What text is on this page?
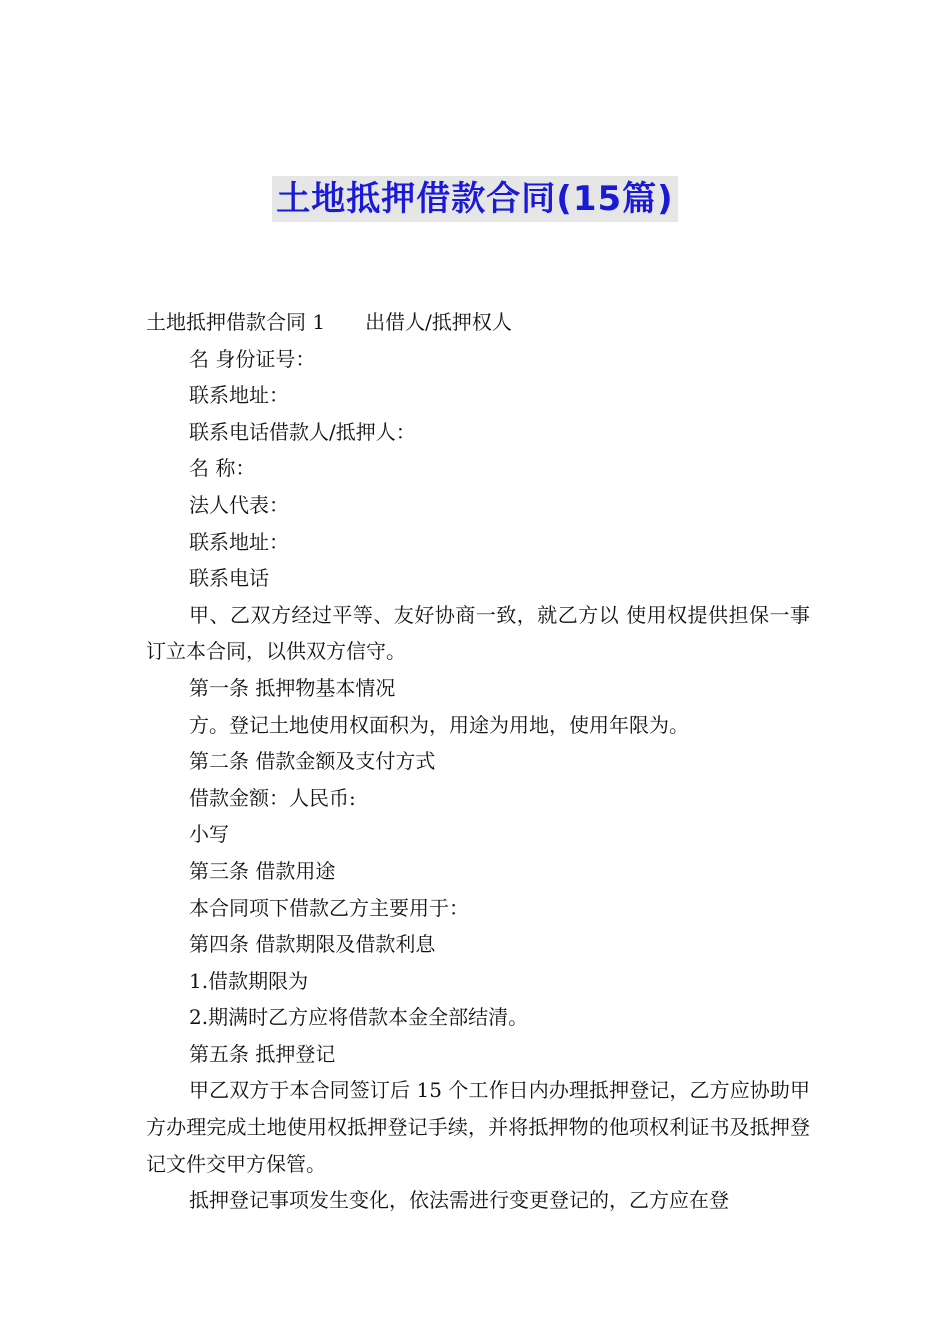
土地抵押借款合同(15篇)

土地抵押借款合同 1 出借人/抵押权人

名 身份证号：

联系地址：

联系电话借款人/抵押人：

名 称：

法人代表：

联系地址：

联系电话

甲、乙双方经过平等、友好协商一致，就乙方以 使用权提供担保一事订立本合同，以供双方信守。

第一条 抵押物基本情况

方。登记土地使用权面积为，用途为用地，使用年限为。

第二条 借款金额及支付方式

借款金额：人民币:

小写

第三条 借款用途

本合同项下借款乙方主要用于：

第四条 借款期限及借款利息

1.借款期限为

2.期满时乙方应将借款本金全部结清。

第五条 抵押登记

甲乙双方于本合同签订后 15 个工作日内办理抵押登记，乙方应协助甲方办理完成土地使用权抵押登记手续，并将抵押物的他项权利证书及抵押登记文件交甲方保管。

抵押登记事项发生变化，依法需进行变更登记的，乙方应在登
